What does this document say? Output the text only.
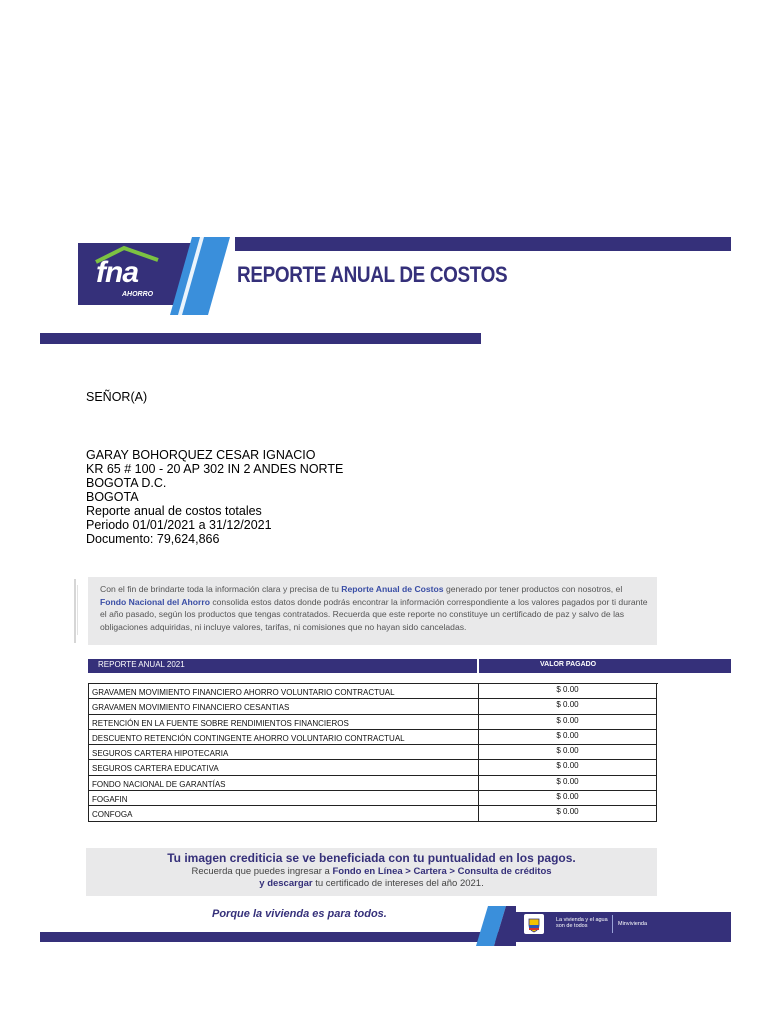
fna
AHORRO
REPORTE ANUAL DE COSTOS
SEÑOR(A)
GARAY BOHORQUEZ CESAR IGNACIO
KR 65 # 100 - 20 AP 302 IN 2 ANDES NORTE
BOGOTA D.C.
BOGOTA
Reporte anual de costos totales
Periodo 01/01/2021 a 31/12/2021
Documento: 79,624,866
Con el fin de brindarte toda la información clara y precisa de tu Reporte Anual de Costos generado por tener productos con nosotros, el Fondo Nacional del Ahorro consolida estos datos donde podrás encontrar la información correspondiente a los valores pagados por ti durante el año pasado, según los productos que tengas contratados. Recuerda que este reporte no constituye un certificado de paz y salvo de las obligaciones adquiridas, ni incluye valores, tarifas, ni comisiones que no hayan sido canceladas.
REPORTE ANUAL 2021	VALOR PAGADO
GRAVAMEN MOVIMIENTO FINANCIERO AHORRO VOLUNTARIO CONTRACTUAL	$ 0.00
GRAVAMEN MOVIMIENTO FINANCIERO CESANTIAS	$ 0.00
RETENCIÓN EN LA FUENTE SOBRE RENDIMIENTOS FINANCIEROS	$ 0.00
DESCUENTO RETENCIÓN CONTINGENTE AHORRO VOLUNTARIO CONTRACTUAL	$ 0.00
SEGUROS CARTERA HIPOTECARIA	$ 0.00
SEGUROS CARTERA EDUCATIVA	$ 0.00
FONDO NACIONAL DE GARANTÍAS	$ 0.00
FOGAFIN	$ 0.00
CONFOGA	$ 0.00
Tu imagen crediticia se ve beneficiada con tu puntualidad en los pagos.
Recuerda que puedes ingresar a Fondo en Línea > Cartera > Consulta de créditos
y descargar tu certificado de intereses del año 2021.
Porque la vivienda es para todos.	La vivienda y el agua
son de todos	Minvivienda
